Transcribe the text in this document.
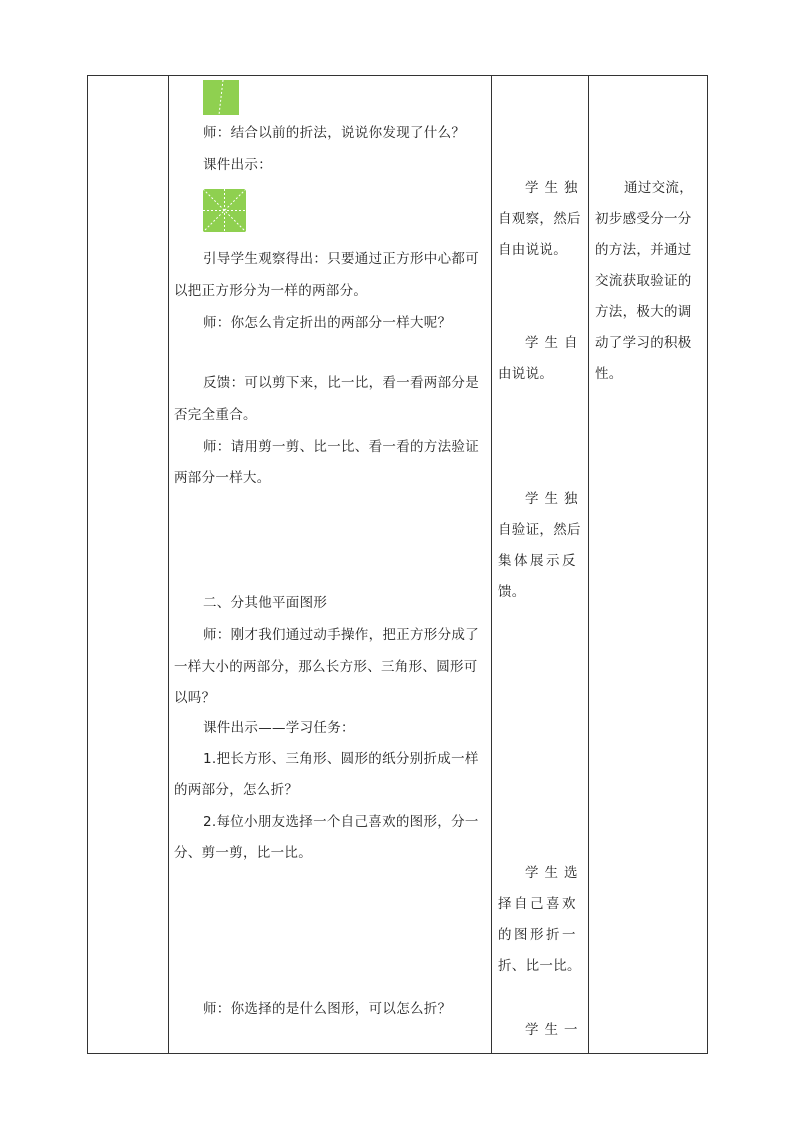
师：结合以前的折法，说说你发现了什么？
课件出示：
引导学生观察得出：只要通过正方形中心都可
以把正方形分为一样的两部分。
师：你怎么肯定折出的两部分一样大呢？
反馈：可以剪下来，比一比，看一看两部分是
否完全重合。
师：请用剪一剪、比一比、看一看的方法验证
两部分一样大。
二、分其他平面图形
师：刚才我们通过动手操作，把正方形分成了
一样大小的两部分，那么长方形、三角形、圆形可
以吗？
课件出示——学习任务：
1.把长方形、三角形、圆形的纸分别折成一样
的两部分，怎么折？
2.每位小朋友选择一个自己喜欢的图形，分一
分、剪一剪，比一比。
师：你选择的是什么图形，可以怎么折？
学生独
自观察，然后
自由说说。
学生自
由说说。
学生独
自验证，然后
集体展示反
馈。
学生选
择自己喜欢
的图形折一
折、比一比。
学生一
通过交流，
初步感受分一分
的方法，并通过
交流获取验证的
方法，极大的调
动了学习的积极
性。
